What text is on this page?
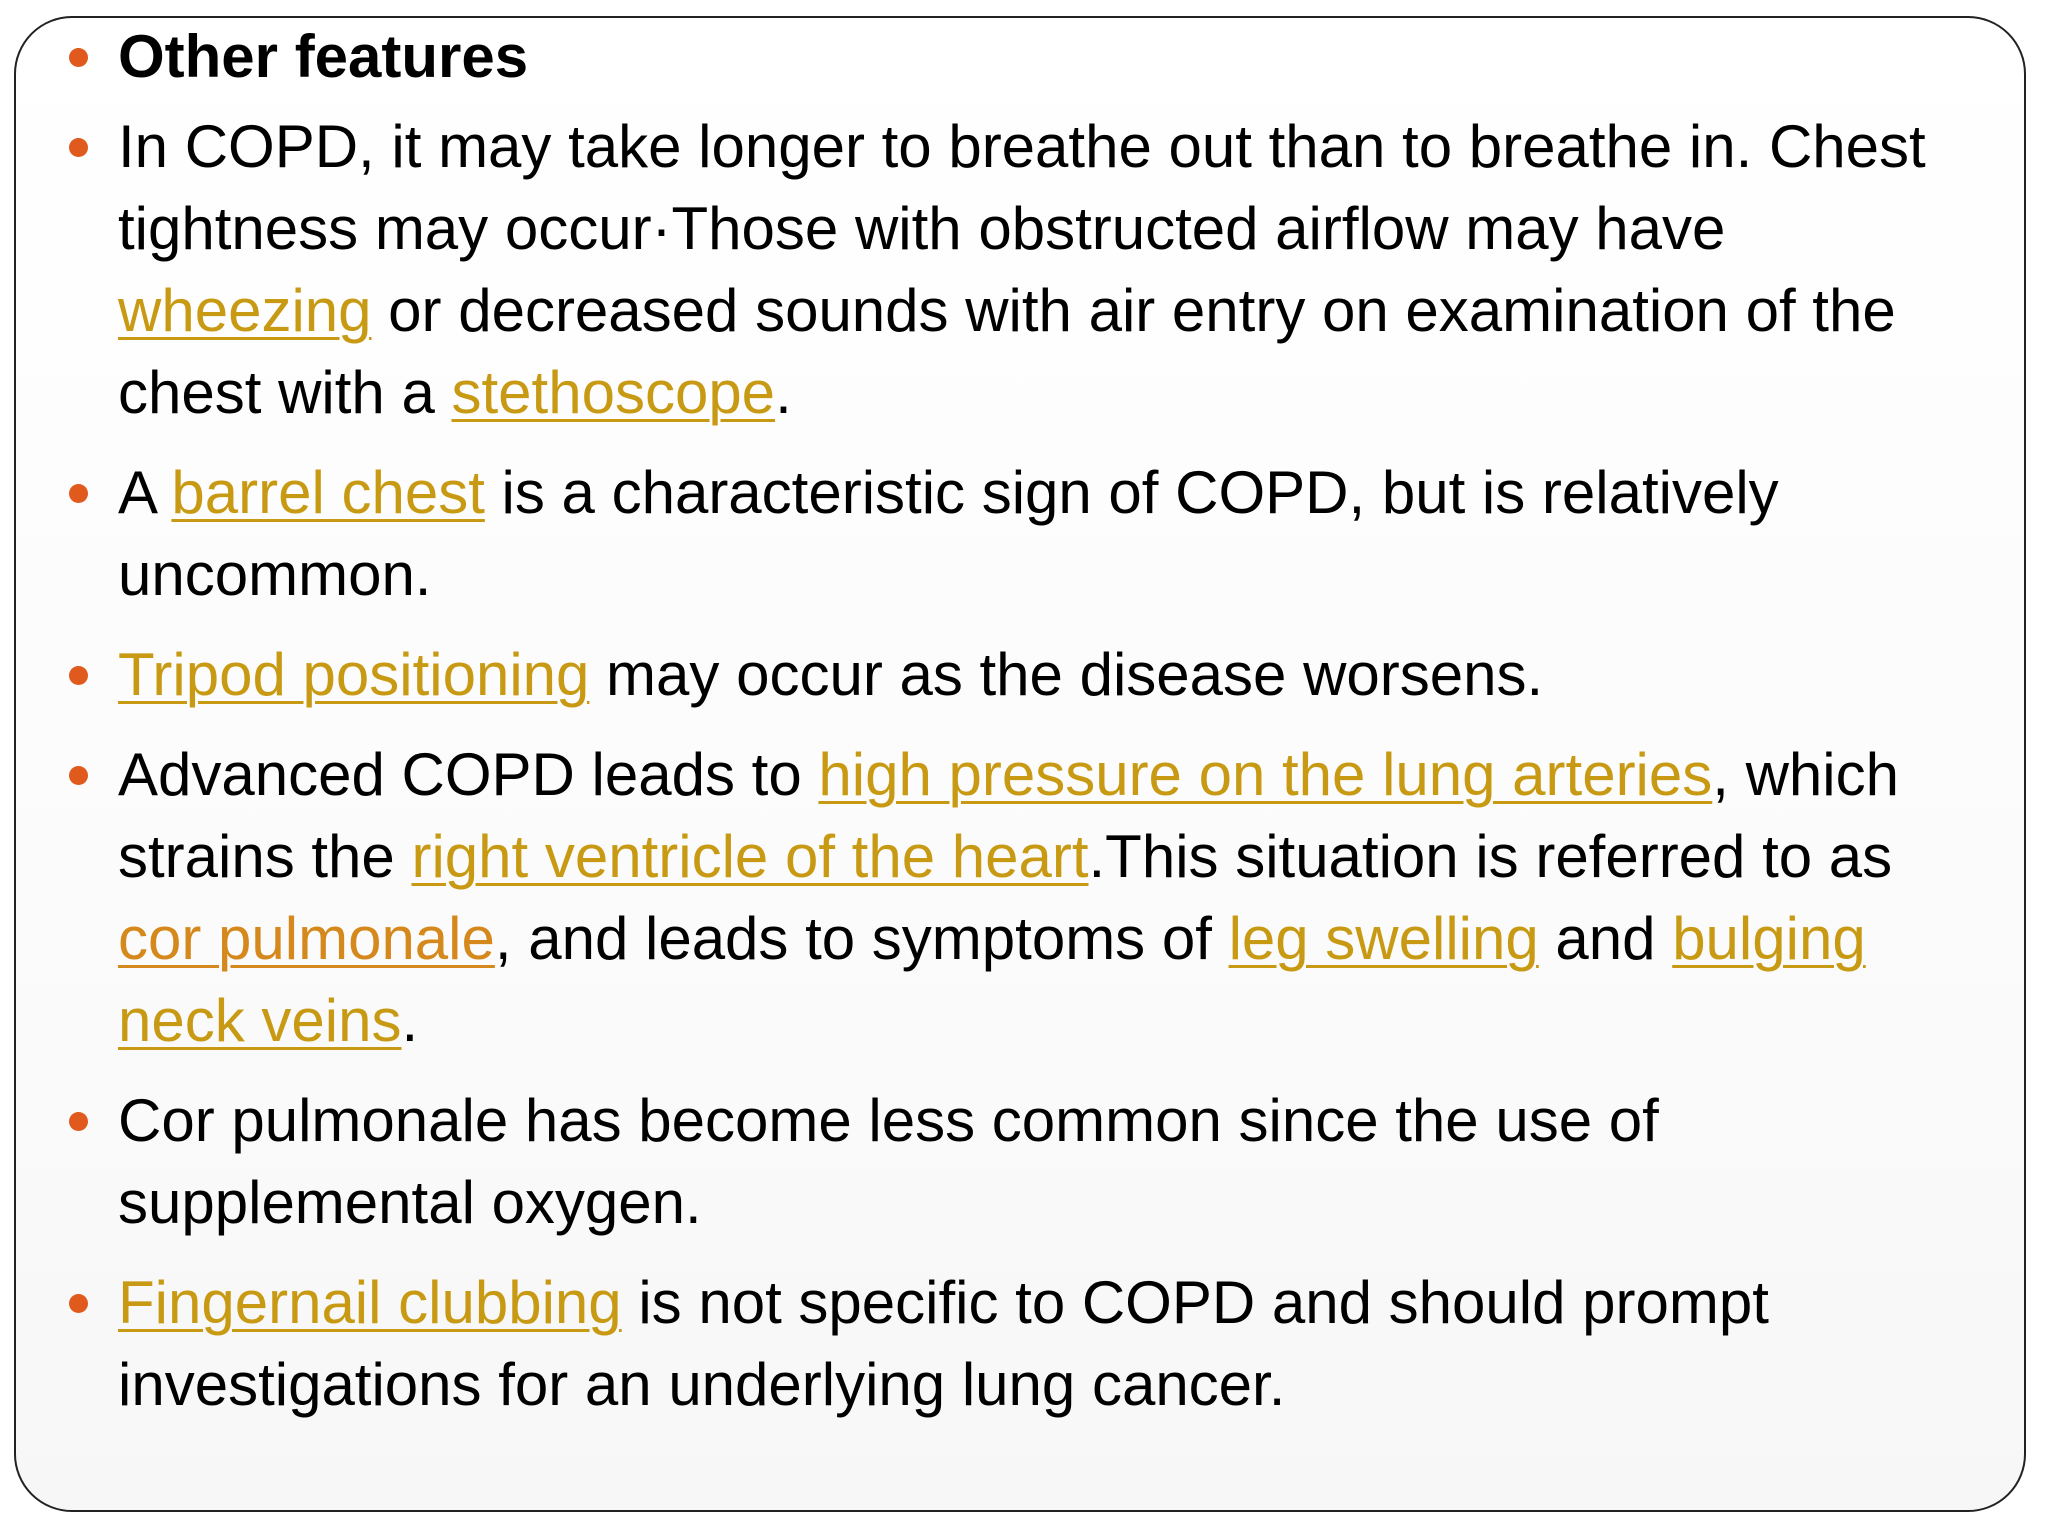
Other features
In COPD, it may take longer to breathe out than to breathe in. Chest tightness may occur·Those with obstructed airflow may have wheezing or decreased sounds with air entry on examination of the chest with a stethoscope.
A barrel chest is a characteristic sign of COPD, but is relatively uncommon.
Tripod positioning may occur as the disease worsens.
Advanced COPD leads to high pressure on the lung arteries, which strains the right ventricle of the heart.This situation is referred to as cor pulmonale, and leads to symptoms of leg swelling and bulging neck veins.
Cor pulmonale has become less common since the use of supplemental oxygen.
Fingernail clubbing is not specific to COPD and should prompt investigations for an underlying lung cancer.
